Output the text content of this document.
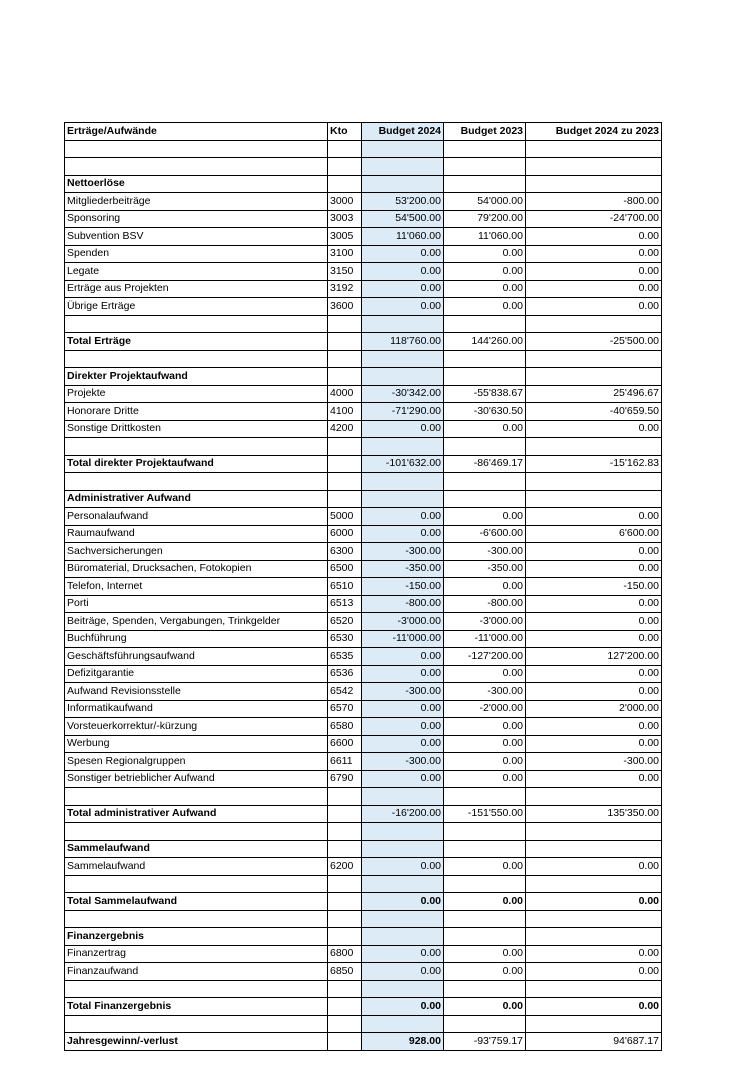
Erträge/Aufwände	Kto	Budget 2024	Budget 2023	Budget 2024 zu 2023

Nettoerlöse				
Mitgliederbeiträge	3000	53'200.00	54'000.00	-800.00
Sponsoring	3003	54'500.00	79'200.00	-24'700.00
Subvention BSV	3005	11'060.00	11'060.00	0.00
Spenden	3100	0.00	0.00	0.00
Legate	3150	0.00	0.00	0.00
Erträge aus Projekten	3192	0.00	0.00	0.00
Übrige Erträge	3600	0.00	0.00	0.00

Total Erträge		118'760.00	144'260.00	-25'500.00

Direkter Projektaufwand				
Projekte	4000	-30'342.00	-55'838.67	25'496.67
Honorare Dritte	4100	-71'290.00	-30'630.50	-40'659.50
Sonstige Drittkosten	4200	0.00	0.00	0.00

Total direkter Projektaufwand		-101'632.00	-86'469.17	-15'162.83

Administrativer Aufwand				
Personalaufwand	5000	0.00	0.00	0.00
Raumaufwand	6000	0.00	-6'600.00	6'600.00
Sachversicherungen	6300	-300.00	-300.00	0.00
Büromaterial, Drucksachen, Fotokopien	6500	-350.00	-350.00	0.00
Telefon, Internet	6510	-150.00	0.00	-150.00
Porti	6513	-800.00	-800.00	0.00
Beiträge, Spenden, Vergabungen, Trinkgelder	6520	-3'000.00	-3'000.00	0.00
Buchführung	6530	-11'000.00	-11'000.00	0.00
Geschäftsführungsaufwand	6535	0.00	-127'200.00	127'200.00
Defizitgarantie	6536	0.00	0.00	0.00
Aufwand Revisionsstelle	6542	-300.00	-300.00	0.00
Informatikaufwand	6570	0.00	-2'000.00	2'000.00
Vorsteuerkorrektur/-kürzung	6580	0.00	0.00	0.00
Werbung	6600	0.00	0.00	0.00
Spesen Regionalgruppen	6611	-300.00	0.00	-300.00
Sonstiger betrieblicher Aufwand	6790	0.00	0.00	0.00

Total administrativer Aufwand		-16'200.00	-151'550.00	135'350.00

Sammelaufwand				
Sammelaufwand	6200	0.00	0.00	0.00

Total Sammelaufwand		0.00	0.00	0.00

Finanzergebnis				
Finanzertrag	6800	0.00	0.00	0.00
Finanzaufwand	6850	0.00	0.00	0.00

Total Finanzergebnis		0.00	0.00	0.00

Jahresgewinn/-verlust		928.00	-93'759.17	94'687.17
